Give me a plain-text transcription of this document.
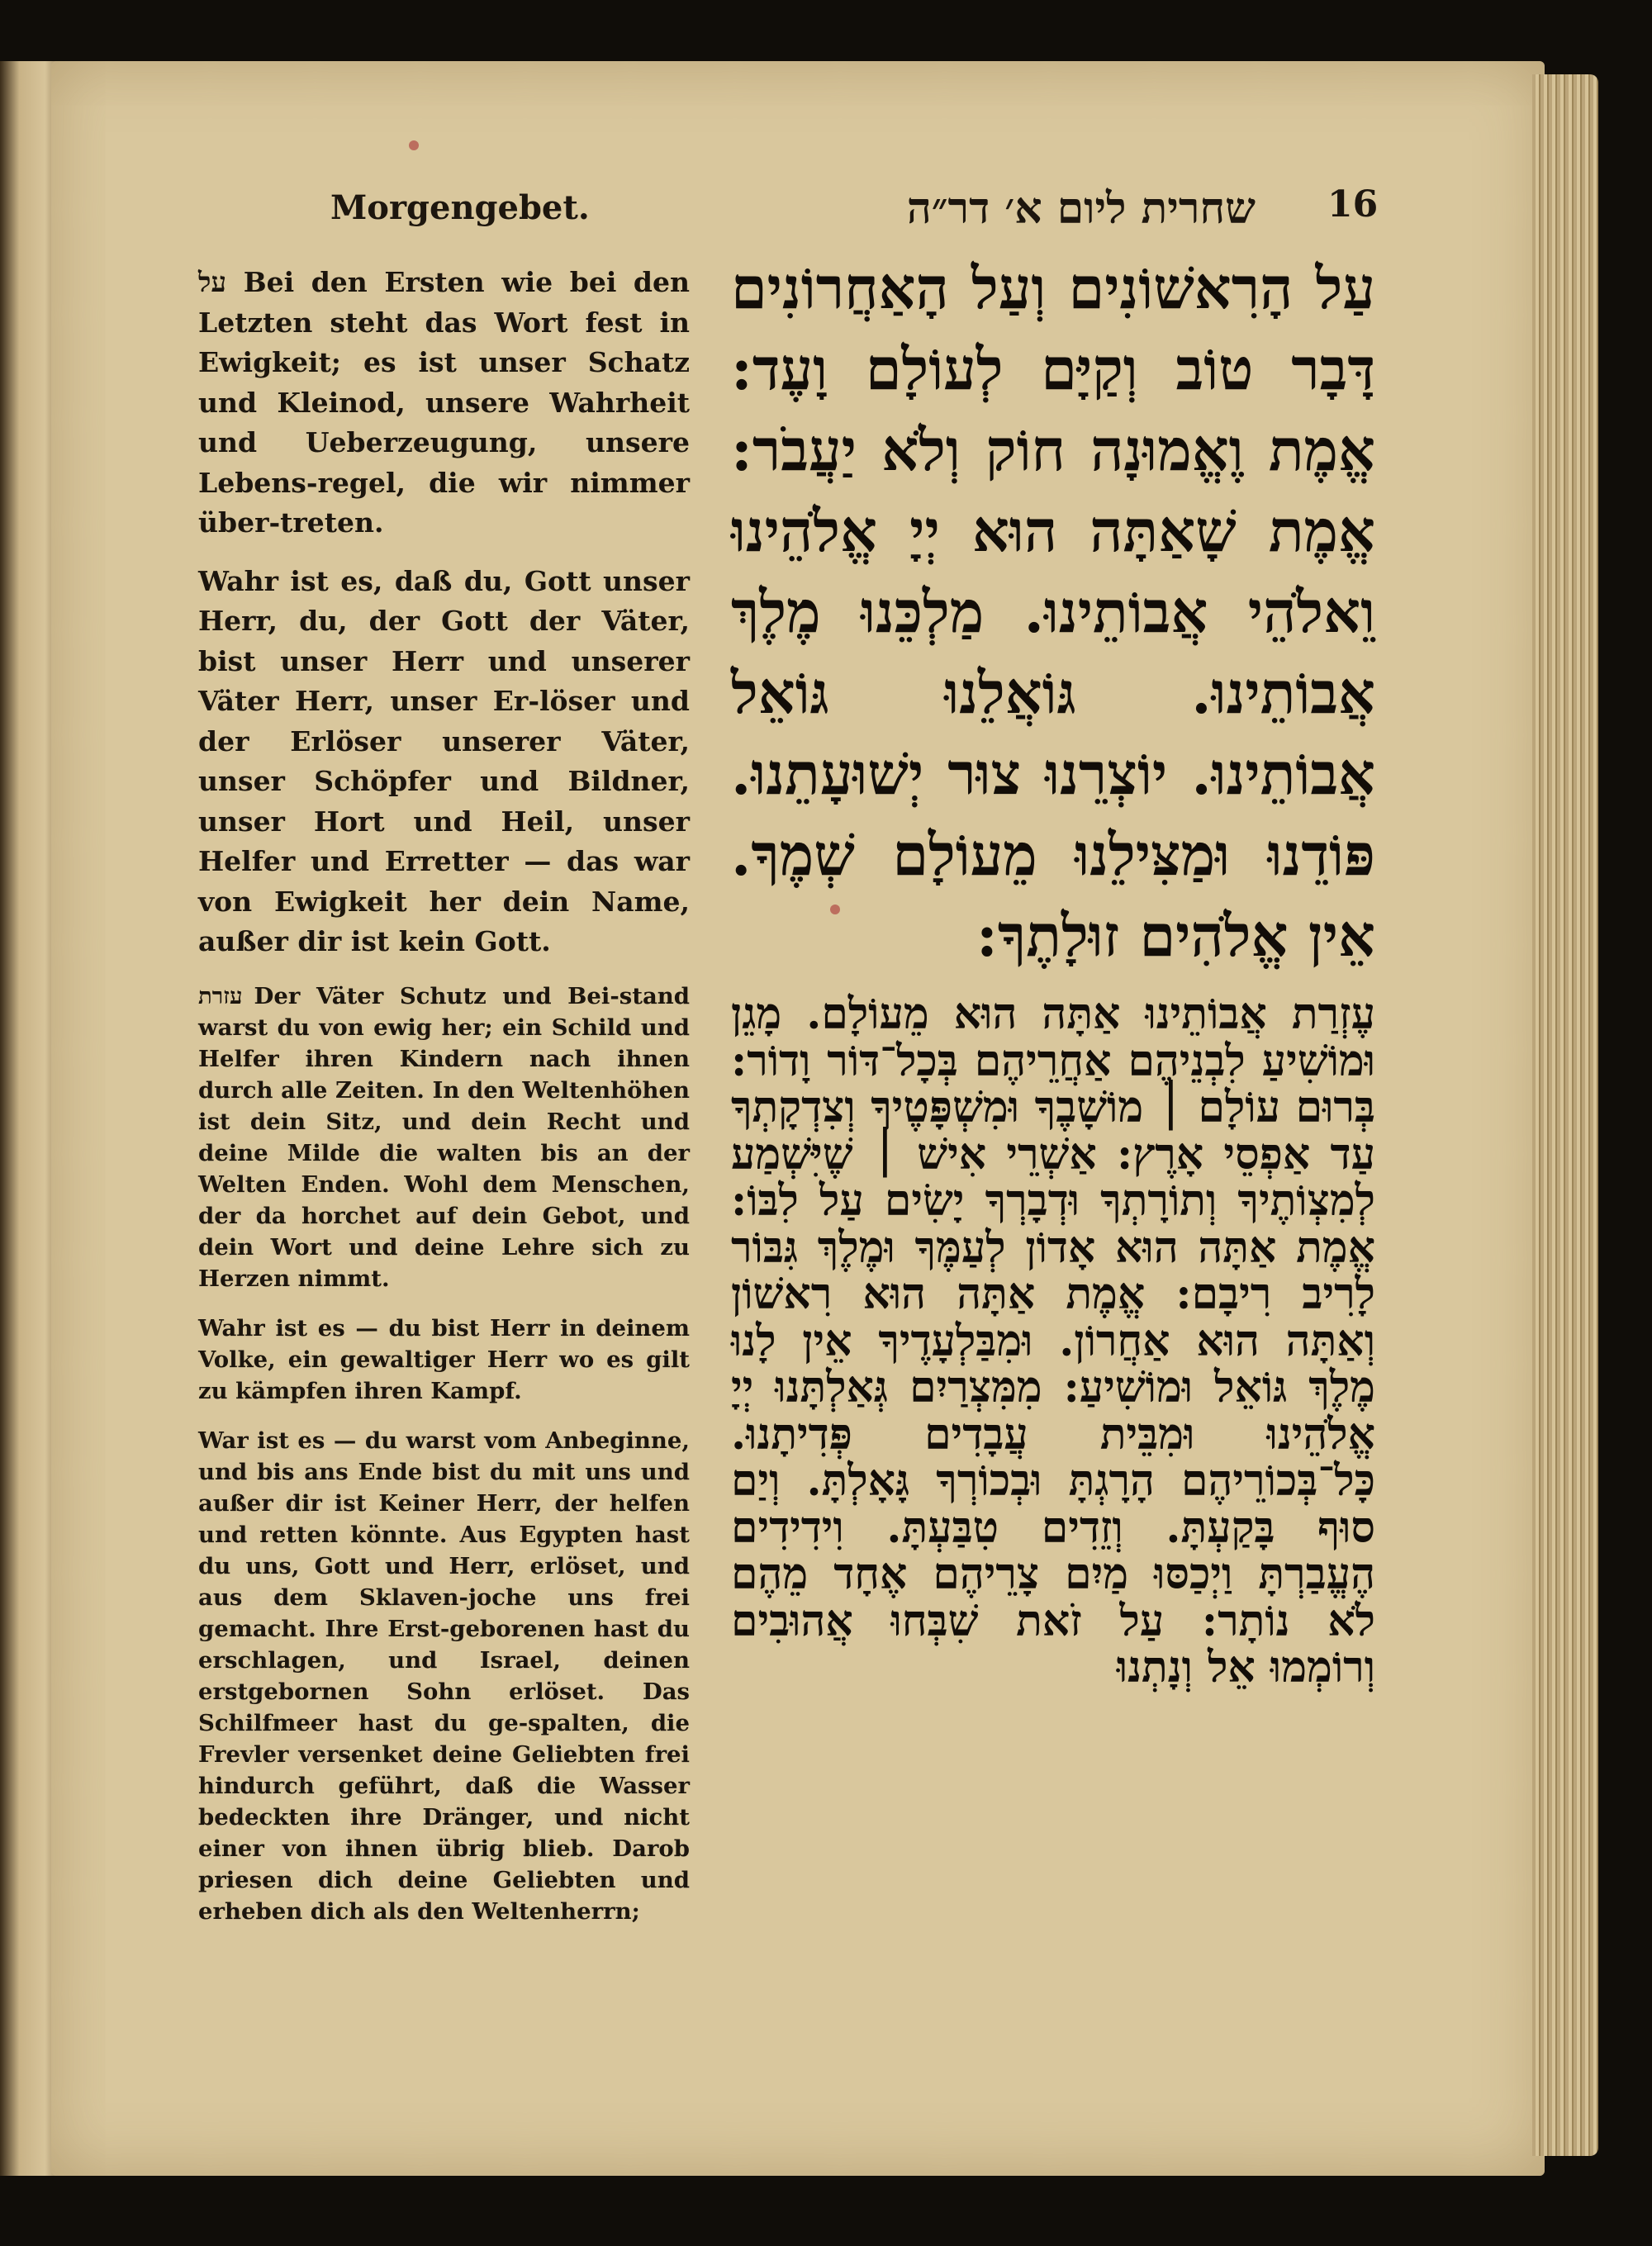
Morgengebet.	שחרית ליום א׳ דר״ה 16

על Bei den Ersten wie bei den Letzten steht das Wort fest in Ewigkeit; es ist unser Schatz und Kleinod, unsere Wahrheit und Ueberzeugung, unsere Lebens-regel, die wir nimmer über-treten.

Wahr ist es, daß du, Gott unser Herr, du, der Gott der Väter, bist unser Herr und unserer Väter Herr, unser Er-löser und der Erlöser unserer Väter, unser Schöpfer und Bildner, unser Hort und Heil, unser Helfer und Erretter — das war von Ewigkeit her dein Name, außer dir ist kein Gott.

עזרת Der Väter Schutz und Bei-stand warst du von ewig her; ein Schild und Helfer ihren Kindern nach ihnen durch alle Zeiten. In den Weltenhöhen ist dein Sitz, und dein Recht und deine Milde die walten bis an der Welten Enden. Wohl dem Menschen, der da horchet auf dein Gebot, und dein Wort und deine Lehre sich zu Herzen nimmt.

Wahr ist es — du bist Herr in deinem Volke, ein gewaltiger Herr wo es gilt zu kämpfen ihren Kampf.

War ist es — du warst vom Anbeginne, und bis ans Ende bist du mit uns und außer dir ist Keiner Herr, der helfen und retten könnte. Aus Egypten hast du uns, Gott und Herr, erlöset, und aus dem Sklaven-joche uns frei gemacht. Ihre Erst-geborenen hast du erschlagen, und Israel, deinen erstgebornen Sohn erlöset. Das Schilfmeer hast du ge-spalten, die Frevler versenket deine Geliebten frei hindurch geführt, daß die Wasser bedeckten ihre Dränger, und nicht einer von ihnen übrig blieb. Darob priesen dich deine Geliebten und erheben dich als den Weltenherrn;

עַל הָרִאשׁוֹנִים וְעַל הָאַחֲרוֹנִים דָּבָר טוֹב וְקַיָּם לְעוֹלָם וָעֶד: אֱמֶת וֶאֱמוּנָה חוֹק וְלֹא יַעֲבֹר: אֱמֶת שָׁאַתָּה הוּא יְיָ אֱלֹהֵינוּ וֵאלֹהֵי אֲבוֹתֵינוּ. מַלְכֵּנוּ מֶלֶךְ אֲבוֹתֵינוּ. גּוֹאֲלֵנוּ גּוֹאֵל אֲבוֹתֵינוּ. יוֹצְרֵנוּ צוּר יְשׁוּעָתֵנוּ. פּוֹדֵנוּ וּמַצִּילֵנוּ מֵעוֹלָם שְׁמֶךָ. אֵין אֱלֹהִים זוּלָתֶךָ:

עֶזְרַת אֲבוֹתֵינוּ אַתָּה הוּא מֵעוֹלָם. מָגֵן וּמוֹשִׁיעַ לִבְנֵיהֶם אַחֲרֵיהֶם בְּכָל־דּוֹר וָדוֹר: בְּרוּם עוֹלָם ׀ מוֹשָׁבֶךָ וּמִשְׁפָּטֶיךָ וְצִדְקָתְךָ עַד אַפְסֵי אָרֶץ: אַשְׁרֵי אִישׁ ׀ שֶׁיִּשְׁמַע לְמִצְוֹתֶיךָ וְתוֹרָתְךָ וּדְבָרְךָ יָשִׂים עַל לִבּוֹ: אֱמֶת אַתָּה הוּא אָדוֹן לְעַמֶּךָ וּמֶלֶךְ גִּבּוֹר לָרִיב רִיבָם: אֱמֶת אַתָּה הוּא רִאשׁוֹן וְאַתָּה הוּא אַחֲרוֹן. וּמִבַּלְעָדֶיךָ אֵין לָנוּ מֶלֶךְ גּוֹאֵל וּמוֹשִׁיעַ: מִמִּצְרַיִם גְּאַלְתָּנוּ יְיָ אֱלֹהֵינוּ וּמִבֵּית עֲבָדִים פְּדִיתָנוּ. כָּל־בְּכוֹרֵיהֶם הָרָגְתָּ וּבְכוֹרְךָ גָּאָלְתָּ. וְיַם סוּף בָּקַעְתָּ. וְזֵדִים טִבַּעְתָּ. וִידִידִים הֶעֱבַרְתָּ וַיְכַסּוּ מַיִם צָרֵיהֶם אֶחָד מֵהֶם לֹא נוֹתָר: עַל זֹאת שִׁבְּחוּ אֲהוּבִים וְרוֹמְמוּ אֵל וְנָתְנוּ
